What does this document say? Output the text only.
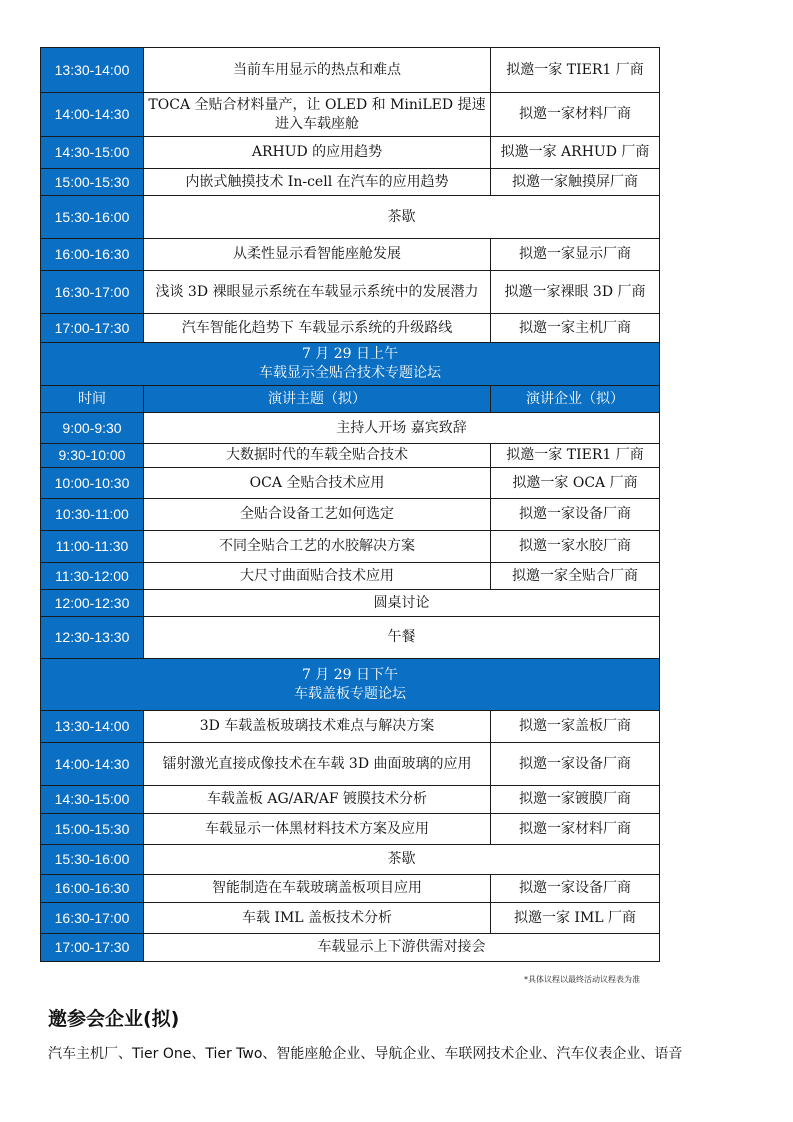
13:30-14:00	当前车用显示的热点和难点	拟邀一家 TIER1 厂商
14:00-14:30	TOCA 全贴合材料量产，让 OLED 和 MiniLED 提速进入车载座舱	拟邀一家材料厂商
14:30-15:00	ARHUD 的应用趋势	拟邀一家 ARHUD 厂商
15:00-15:30	内嵌式触摸技术 In-cell 在汽车的应用趋势	拟邀一家触摸屏厂商
15:30-16:00	茶歇	
16:00-16:30	从柔性显示看智能座舱发展	拟邀一家显示厂商
16:30-17:00	浅谈 3D 裸眼显示系统在车载显示系统中的发展潜力	拟邀一家裸眼 3D 厂商
17:00-17:30	汽车智能化趋势下 车载显示系统的升级路线	拟邀一家主机厂商

7 月 29 日上午
车载显示全贴合技术专题论坛		

时间	演讲主题（拟）	演讲企业（拟）
9:00-9:30	主持人开场 嘉宾致辞	
9:30-10:00	大数据时代的车载全贴合技术	拟邀一家 TIER1 厂商
10:00-10:30	OCA 全贴合技术应用	拟邀一家 OCA 厂商
10:30-11:00	全贴合设备工艺如何选定	拟邀一家设备厂商
11:00-11:30	不同全贴合工艺的水胶解决方案	拟邀一家水胶厂商
11:30-12:00	大尺寸曲面贴合技术应用	拟邀一家全贴合厂商
12:00-12:30	圆桌讨论	
12:30-13:30	午餐	

7 月 29 日下午
车载盖板专题论坛		

13:30-14:00	3D 车载盖板玻璃技术难点与解决方案	拟邀一家盖板厂商
14:00-14:30	镭射激光直接成像技术在车载 3D 曲面玻璃的应用	拟邀一家设备厂商
14:30-15:00	车载盖板 AG/AR/AF 镀膜技术分析	拟邀一家镀膜厂商
15:00-15:30	车载显示一体黑材料技术方案及应用	拟邀一家材料厂商
15:30-16:00	茶歇	
16:00-16:30	智能制造在车载玻璃盖板项目应用	拟邀一家设备厂商
16:30-17:00	车载 IML 盖板技术分析	拟邀一家 IML 厂商
17:00-17:30	车载显示上下游供需对接会	
*具体议程以最终活动议程表为准
邀参会企业(拟)
汽车主机厂、Tier One、Tier Two、智能座舱企业、导航企业、车联网技术企业、汽车仪表企业、语音
